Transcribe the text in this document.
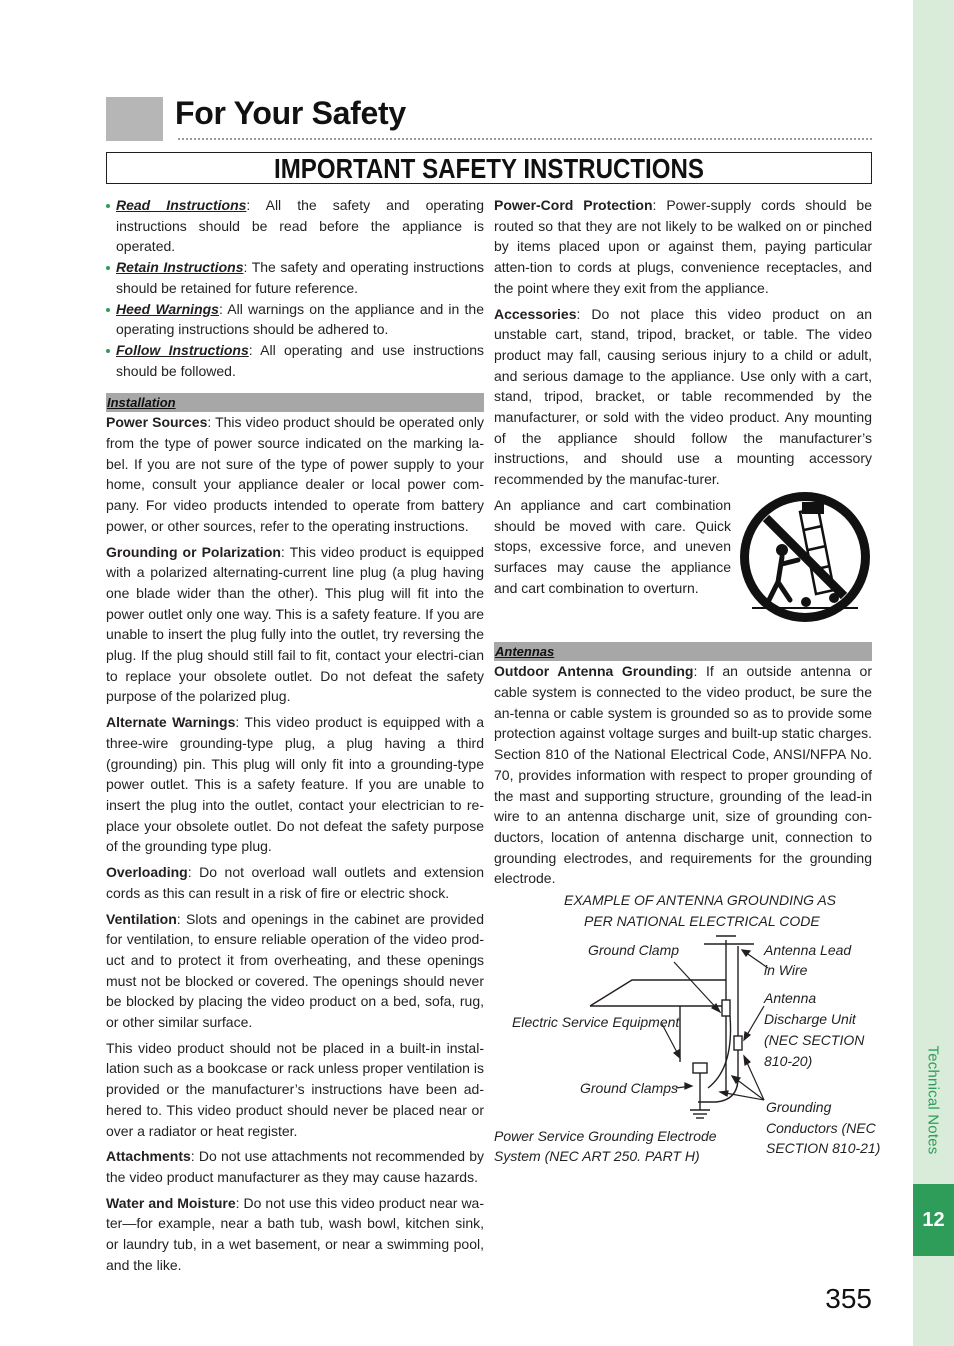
Technical Notes
12
For Your Safety
IMPORTANT SAFETY INSTRUCTIONS
Read Instructions: All the safety and operating instructions should be read before the appliance is operated.
Retain Instructions: The safety and operating instructions should be retained for future reference.
Heed Warnings: All warnings on the appliance and in the operating instructions should be adhered to.
Follow Instructions: All operating and use instructions should be followed.
Installation

Power Sources: This video product should be operated only from the type of power source indicated on the marking la-bel. If you are not sure of the type of power supply to your home, consult your appliance dealer or local power com-pany. For video products intended to operate from battery power, or other sources, refer to the operating instructions.

Grounding or Polarization: This video product is equipped with a polarized alternating-current line plug (a plug having one blade wider than the other). This plug will fit into the power outlet only one way. This is a safety feature. If you are unable to insert the plug fully into the outlet, try reversing the plug. If the plug should still fail to fit, contact your electri-cian to replace your obsolete outlet. Do not defeat the safety purpose of the polarized plug.

Alternate Warnings: This video product is equipped with a three-wire grounding-type plug, a plug having a third (grounding) pin. This plug will only fit into a grounding-type power outlet. This is a safety feature. If you are unable to insert the plug into the outlet, contact your electrician to re-place your obsolete outlet. Do not defeat the safety purpose of the grounding type plug.

Overloading: Do not overload wall outlets and extension cords as this can result in a risk of fire or electric shock.

Ventilation: Slots and openings in the cabinet are provided for ventilation, to ensure reliable operation of the video prod-uct and to protect it from overheating, and these openings must not be blocked or covered. The openings should never be blocked by placing the video product on a bed, sofa, rug, or other similar surface.

This video product should not be placed in a built-in instal-lation such as a bookcase or rack unless proper ventilation is provided or the manufacturer’s instructions have been ad-hered to. This video product should never be placed near or over a radiator or heat register.

Attachments: Do not use attachments not recommended by the video product manufacturer as they may cause hazards.

Water and Moisture: Do not use this video product near wa-ter—for example, near a bath tub, wash bowl, kitchen sink, or laundry tub, in a wet basement, or near a swimming pool, and the like.

Power-Cord Protection: Power-supply cords should be routed so that they are not likely to be walked on or pinched by items placed upon or against them, paying particular atten-tion to cords at plugs, convenience receptacles, and the point where they exit from the appliance.

Accessories: Do not place this video product on an unstable cart, stand, tripod, bracket, or table. The video product may fall, causing serious injury to a child or adult, and serious damage to the appliance. Use only with a cart, stand, tripod, bracket, or table recommended by the manufacturer, or sold with the video product. Any mounting of the appliance should follow the manufacturer’s instructions, and should use a mounting accessory recommended by the manufac-turer.

An appliance and cart combination should be moved with care. Quick stops, excessive force, and uneven surfaces may cause the appliance and cart combination to overturn.

Antennas

Outdoor Antenna Grounding: If an outside antenna or cable system is connected to the video product, be sure the an-tenna or cable system is grounded so as to provide some protection against voltage surges and built-up static charges. Section 810 of the National Electrical Code, ANSI/NFPA No. 70, provides information with respect to proper grounding of the mast and supporting structure, grounding of the lead-in wire to an antenna discharge unit, size of grounding con-ductors, location of antenna discharge unit, connection to grounding electrodes, and requirements for the grounding electrode.

EXAMPLE OF ANTENNA GROUNDING AS
PER NATIONAL ELECTRICAL CODE
Ground Clamp	Antenna Lead
in Wire
Electric Service Equipment
Antenna
Discharge Unit
(NEC SECTION
810-20)
Ground Clamps
Grounding
Conductors (NEC
SECTION 810-21)
Power Service Grounding Electrode
System (NEC ART 250. PART H)
355
